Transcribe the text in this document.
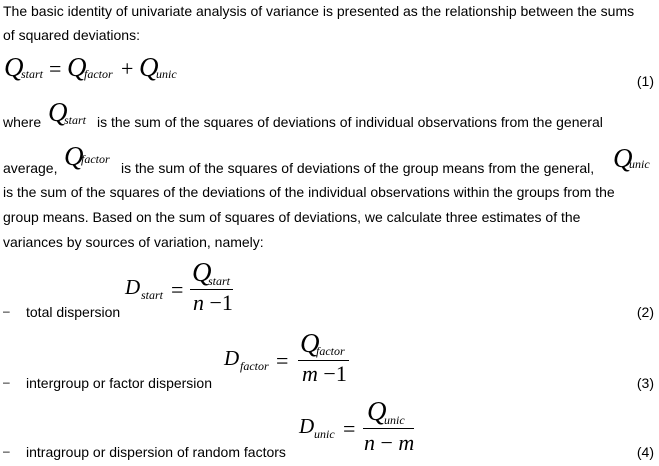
The basic identity of univariate analysis of variance is presented as the relationship between the sums

of squared deviations:

Q
start = Q
factor + Q
unic	(1)
where Q
start is the sum of the squares of deviations of individual observations from the general
average, Q
factor
is the sum of the squares of deviations of the group means from the general, Q
unic

is the sum of the squares of the deviations of the individual observations within the groups from the

group means. Based on the sum of squares of deviations, we calculate three estimates of the

variances by sources of variation, namely:

– total dispersion
D start =
Q
start
n −1	(2)
– intergroup or factor dispersion
D factor =
Q
factor
m −1	(3)
– intragroup or dispersion of random factors
D unic =
Q
unic
n − m	(4)
